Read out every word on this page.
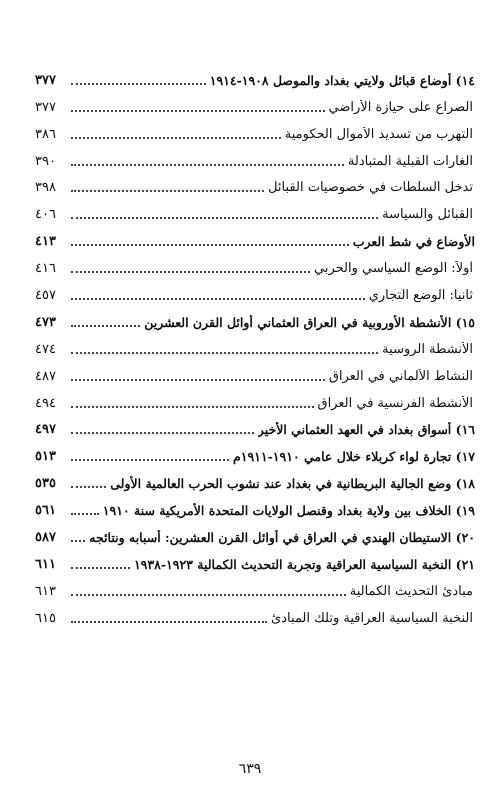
١٤) أوضاع قبائل ولايتي بغداد والموصل ١٩٠٨-١٩١٤
٣٧٧
الصراع على حيازة الأراضي
٣٧٧
التهرب من تسديد الأموال الحكومية
٣٨٦
الغارات القبلية المتبادلة
٣٩٠
تدخل السلطات في خصوصيات القبائل
٣٩٨
القبائل والسياسة
٤٠٦
الأوضاع في شط العرب
٤١٣
أولاً: الوضع السياسي والحربي
٤١٦
ثانياً: الوضع التجاري
٤٥٧
١٥) الأنشطة الأوروبية في العراق العثماني أوائل القرن العشرين
٤٧٣
الأنشطة الروسية
٤٧٤
النشاط الألماني في العراق
٤٨٧
الأنشطة الفرنسية في العراق
٤٩٤
١٦) أسواق بغداد في العهد العثماني الأخير
٤٩٧
١٧) تجارة لواء كربلاء خلال عامي ١٩١٠-١٩١١م
٥١٣
١٨) وضع الجالية البريطانية في بغداد عند نشوب الحرب العالمية الأولى
٥٣٥
١٩) الخلاف بين ولاية بغداد وقنصل الولايات المتحدة الأمريكية سنة ١٩١٠
٥٦١
٢٠) الاستيطان الهندي في العراق في أوائل القرن العشرين: أسبابه ونتائجه
٥٨٧
٢١) النخبة السياسية العراقية وتجربة التحديث الكمالية ١٩٢٣-١٩٣٨
٦١١
مبادئ التحديث الكمالية
٦١٣
النخبة السياسية العراقية وتلك المبادئ
٦١٥
٦٣٩
